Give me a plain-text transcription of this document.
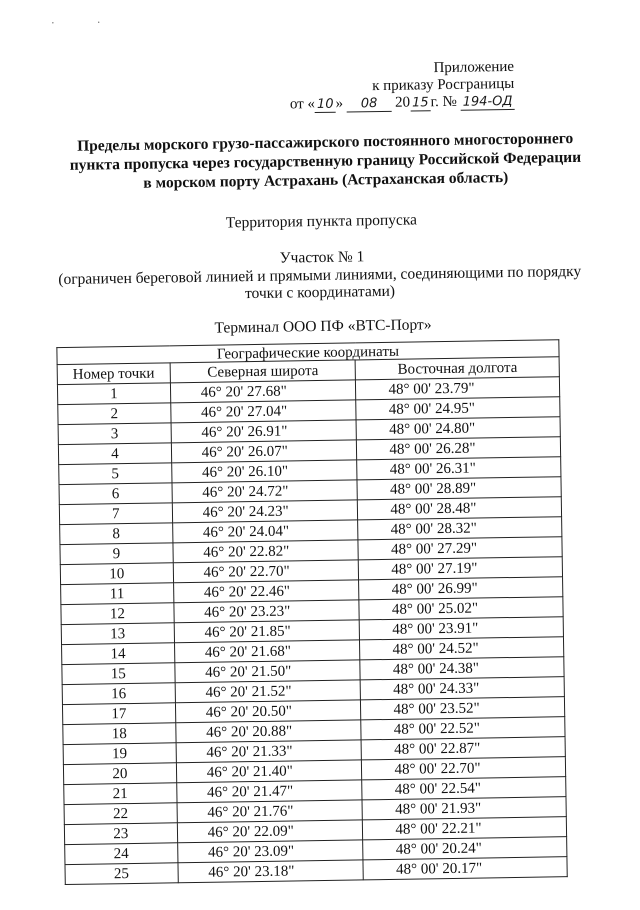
· ·
Приложение
к приказу Росграницы
от « 10 » 08 20 15 г. № 194-ОД
Пределы морского грузо-пассажирского постоянного многостороннего пункта пропуска через государственную границу Российской Федерации в морском порту Астрахань (Астраханская область)
Территория пункта пропуска
Участок № 1
(ограничен береговой линией и прямыми линиями, соединяющими по порядку точки с координатами)
Терминал ООО ПФ «ВТС-Порт»
Географические координаты		
Номер точки	Северная широта	Восточная долгота
1	46° 20' 27.68"	48° 00' 23.79"
2	46° 20' 27.04"	48° 00' 24.95"
3	46° 20' 26.91"	48° 00' 24.80"
4	46° 20' 26.07"	48° 00' 26.28"
5	46° 20' 26.10"	48° 00' 26.31"
6	46° 20' 24.72"	48° 00' 28.89"
7	46° 20' 24.23"	48° 00' 28.48"
8	46° 20' 24.04"	48° 00' 28.32"
9	46° 20' 22.82"	48° 00' 27.29"
10	46° 20' 22.70"	48° 00' 27.19"
11	46° 20' 22.46"	48° 00' 26.99"
12	46° 20' 23.23"	48° 00' 25.02"
13	46° 20' 21.85"	48° 00' 23.91"
14	46° 20' 21.68"	48° 00' 24.52"
15	46° 20' 21.50"	48° 00' 24.38"
16	46° 20' 21.52"	48° 00' 24.33"
17	46° 20' 20.50"	48° 00' 23.52"
18	46° 20' 20.88"	48° 00' 22.52"
19	46° 20' 21.33"	48° 00' 22.87"
20	46° 20' 21.40"	48° 00' 22.70"
21	46° 20' 21.47"	48° 00' 22.54"
22	46° 20' 21.76"	48° 00' 21.93"
23	46° 20' 22.09"	48° 00' 22.21"
24	46° 20' 23.09"	48° 00' 20.24"
25	46° 20' 23.18"	48° 00' 20.17"
